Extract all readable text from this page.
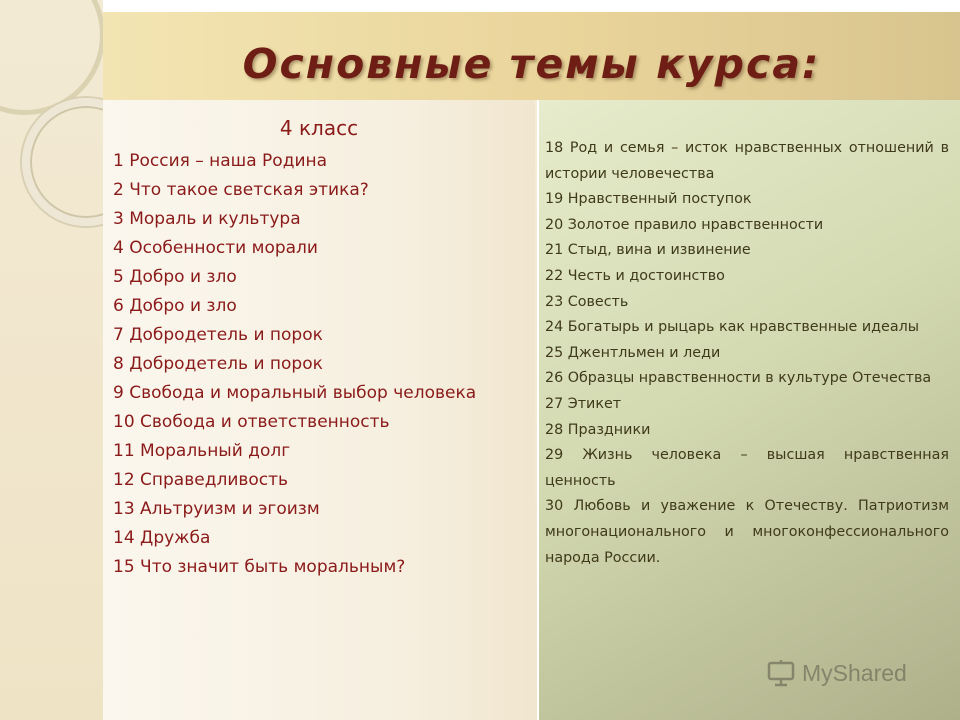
Основные темы курса:
4 класс
1 Россия – наша Родина
2 Что такое светская этика?
3 Мораль и культура
4 Особенности морали
5 Добро и зло
6 Добро и зло
7 Добродетель и порок
8 Добродетель и порок
9 Свобода и моральный выбор человека
10 Свобода и ответственность
11 Моральный долг
12 Справедливость
13 Альтруизм и эгоизм
14 Дружба
15 Что значит быть моральным?
18 Род и семья – исток нравственных отношений в истории человечества
19 Нравственный поступок
20 Золотое правило нравственности
21 Стыд, вина и извинение
22 Честь и достоинство
23 Совесть
24 Богатырь и рыцарь как нравственные идеалы
25 Джентльмен и леди
26 Образцы нравственности в культуре Отечества
27 Этикет
28 Праздники
29 Жизнь человека – высшая нравственная ценность
30 Любовь и уважение к Отечеству. Патриотизм многонационального и многоконфессионального народа России.
MyShared
